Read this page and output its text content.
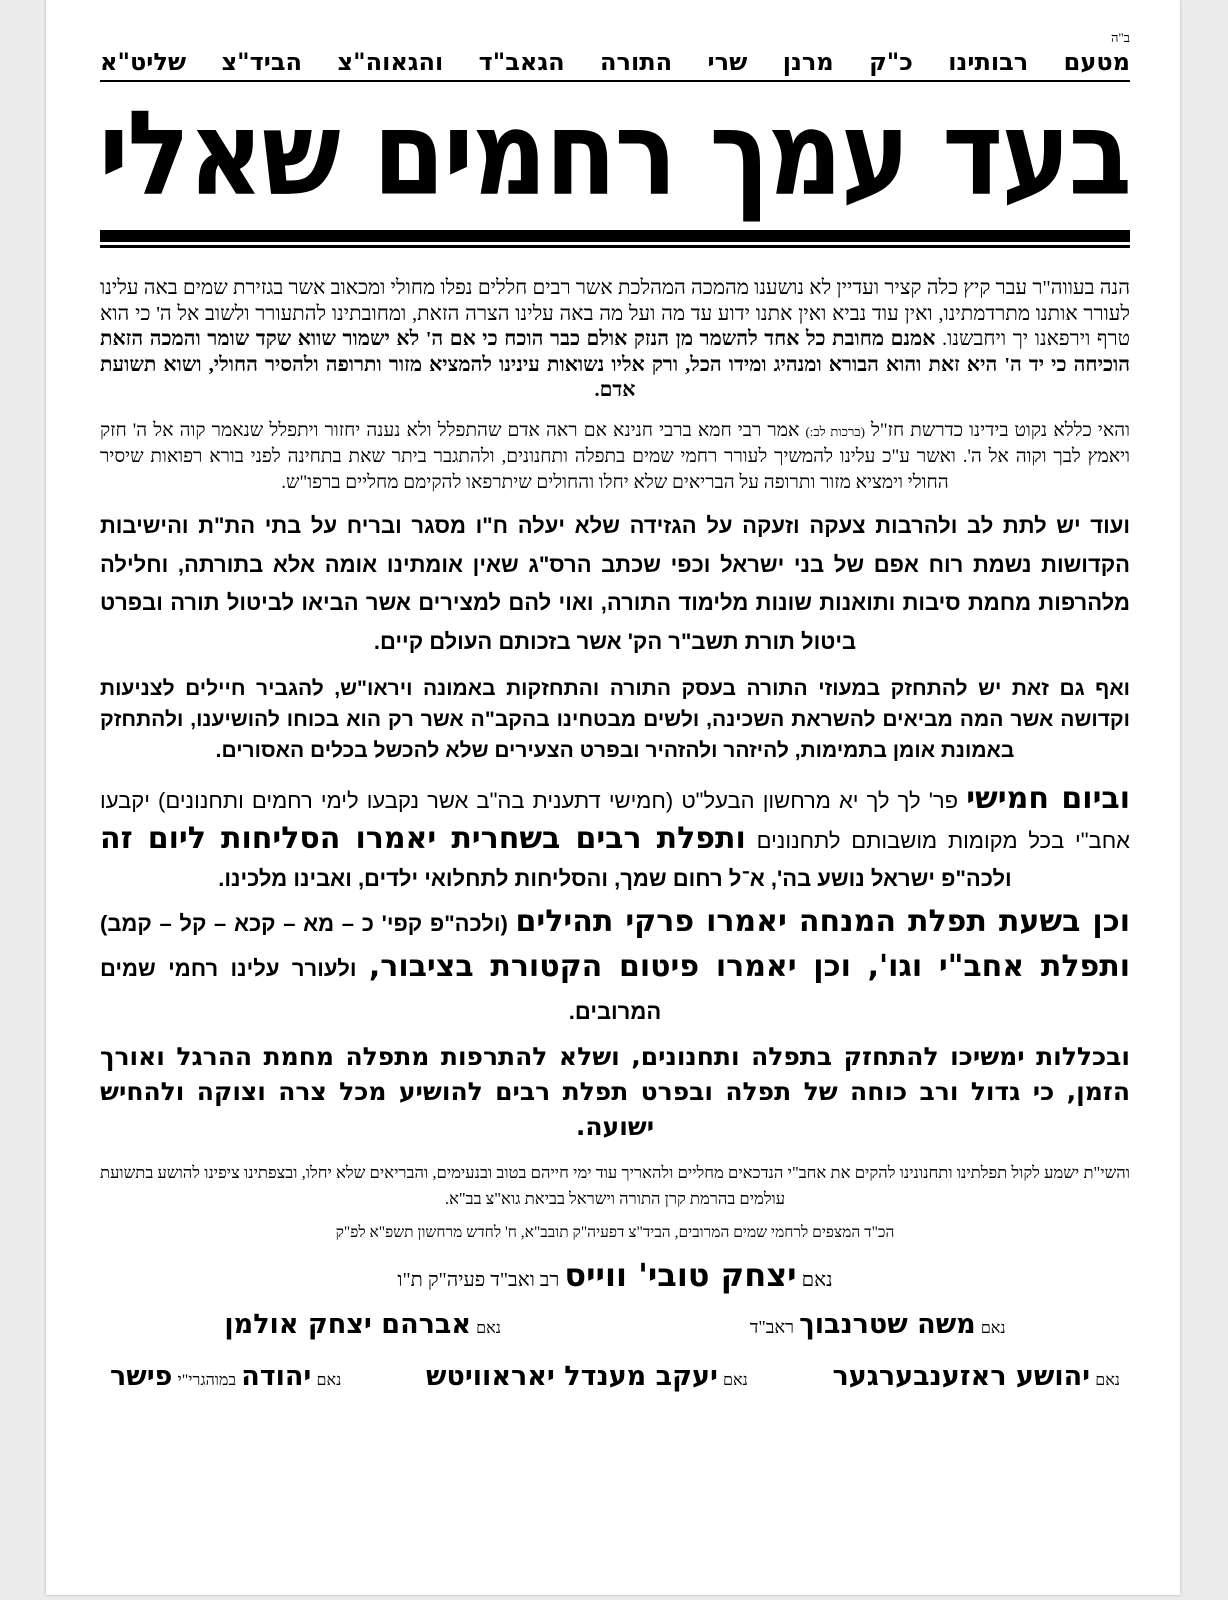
ב"ה
מטעם רבותינו כ"ק מרנן שרי התורה הגאב"ד והגאוה"צ הביד"צ שליט"א
בעד עמך רחמים שאלי

הנה בעווה"ר עבר קיץ כלה קציר ועדיין לא נושענו מהמכה המהלכת אשר רבים חללים נפלו מחולי ומכאוב אשר בגזירת שמים באה עלינו לעורר אותנו מתרדמתינו, ואין עוד נביא ואין אתנו ידוע עד מה ועל מה באה עלינו הצרה הזאת, ומחובתינו להתעורר ולשוב אל ה' כי הוא טרף וירפאנו יך ויחבשנו. אמנם מחובת כל אחד להשמר מן הנזק אולם כבר הוכח כי אם ה' לא ישמור שווא שקד שומר והמכה הזאת הוכיחה כי יד ה' היא זאת והוא הבורא ומנהיג ומידו הכל, ורק אליו נשואות עינינו להמציא מזור ותרופה ולהסיר החולי, ושוא תשועת אדם.

והאי כללא נקוט בידינו כדרשת חז"ל (ברכות לב:) אמר רבי חמא ברבי חנינא אם ראה אדם שהתפלל ולא נענה יחזור ויתפלל שנאמר קוה אל ה' חזק ויאמץ לבך וקוה אל ה'. ואשר ע"כ עלינו להמשיך לעורר רחמי שמים בתפלה ותחנונים, ולהתגבר ביתר שאת בתחינה לפני בורא רפואות שיסיר החולי וימציא מזור ותרופה על הבריאים שלא יחלו והחולים שיתרפאו להקימם מחליים ברפו"ש.

ועוד יש לתת לב ולהרבות צעקה וזעקה על הגזידה שלא יעלה ח"ו מסגר ובריח על בתי הת"ת והישיבות הקדושות נשמת רוח אפם של בני ישראל וכפי שכתב הרס"ג שאין אומתינו אומה אלא בתורתה, וחלילה מלהרפות מחמת סיבות ותואנות שונות מלימוד התורה, ואוי להם למצירים אשר הביאו לביטול תורה ובפרט ביטול תורת תשב"ר הק' אשר בזכותם העולם קיים.

ואף גם זאת יש להתחזק במעוזי התורה בעסק התורה והתחזקות באמונה ויראו"ש, להגביר חיילים לצניעות וקדושה אשר המה מביאים להשראת השכינה, ולשים מבטחינו בהקב"ה אשר רק הוא בכוחו להושיענו, ולהתחזק באמונת אומן בתמימות, להיזהר ולהזהיר ובפרט הצעירים שלא להכשל בכלים האסורים.

וביום חמישי פר' לך לך יא מרחשון הבעל"ט (חמישי דתענית בה"ב אשר נקבעו לימי רחמים ותחנונים) יקבעו אחב"י בכל מקומות מושבותם לתחנונים ותפלת רבים בשחרית יאמרו הסליחות ליום זה ולכה"פ ישראל נושע בה', א־ל רחום שמך, והסליחות לתחלואי ילדים, ואבינו מלכינו.

וכן בשעת תפלת המנחה יאמרו פרקי תהילים (ולכה"פ קפי' כ – מא – קכא – קל – קמב) ותפלת אחב"י וגו', וכן יאמרו פיטום הקטורת בציבור, ולעורר עלינו רחמי שמים המרובים.

ובכללות ימשיכו להתחזק בתפלה ותחנונים, ושלא להתרפות מתפלה מחמת ההרגל ואורך הזמן, כי גדול ורב כוחה של תפלה ובפרט תפלת רבים להושיע מכל צרה וצוקה ולהחיש ישועה.

והשי"ת ישמע לקול תפלתינו ותחנונינו להקים את אחב"י הנדכאים מחליים ולהאריך עוד ימי חייהם בטוב ובנעימים, והבריאים שלא יחלו, ובצפתינו ציפינו להושע בתשועת עולמים בהרמת קרן התורה וישראל בביאת גוא"צ בב"א.

הכ"ד המצפים לרחמי שמים המרובים, הביד"צ דפעיה"ק תובב"א, ח' לחדש מרחשון תשפ"א לפ"ק
נאם יצחק טובי' ווייס רב ואב"ד פעיה"ק ת"ו
נאם משה שטרנבוך ראב"ד
נאם אברהם יצחק אולמן
נאם יהושע ראזענבערגער
נאם יעקב מענדל יאראוויטש
נאם יהודה במוהגרי"י פישר
